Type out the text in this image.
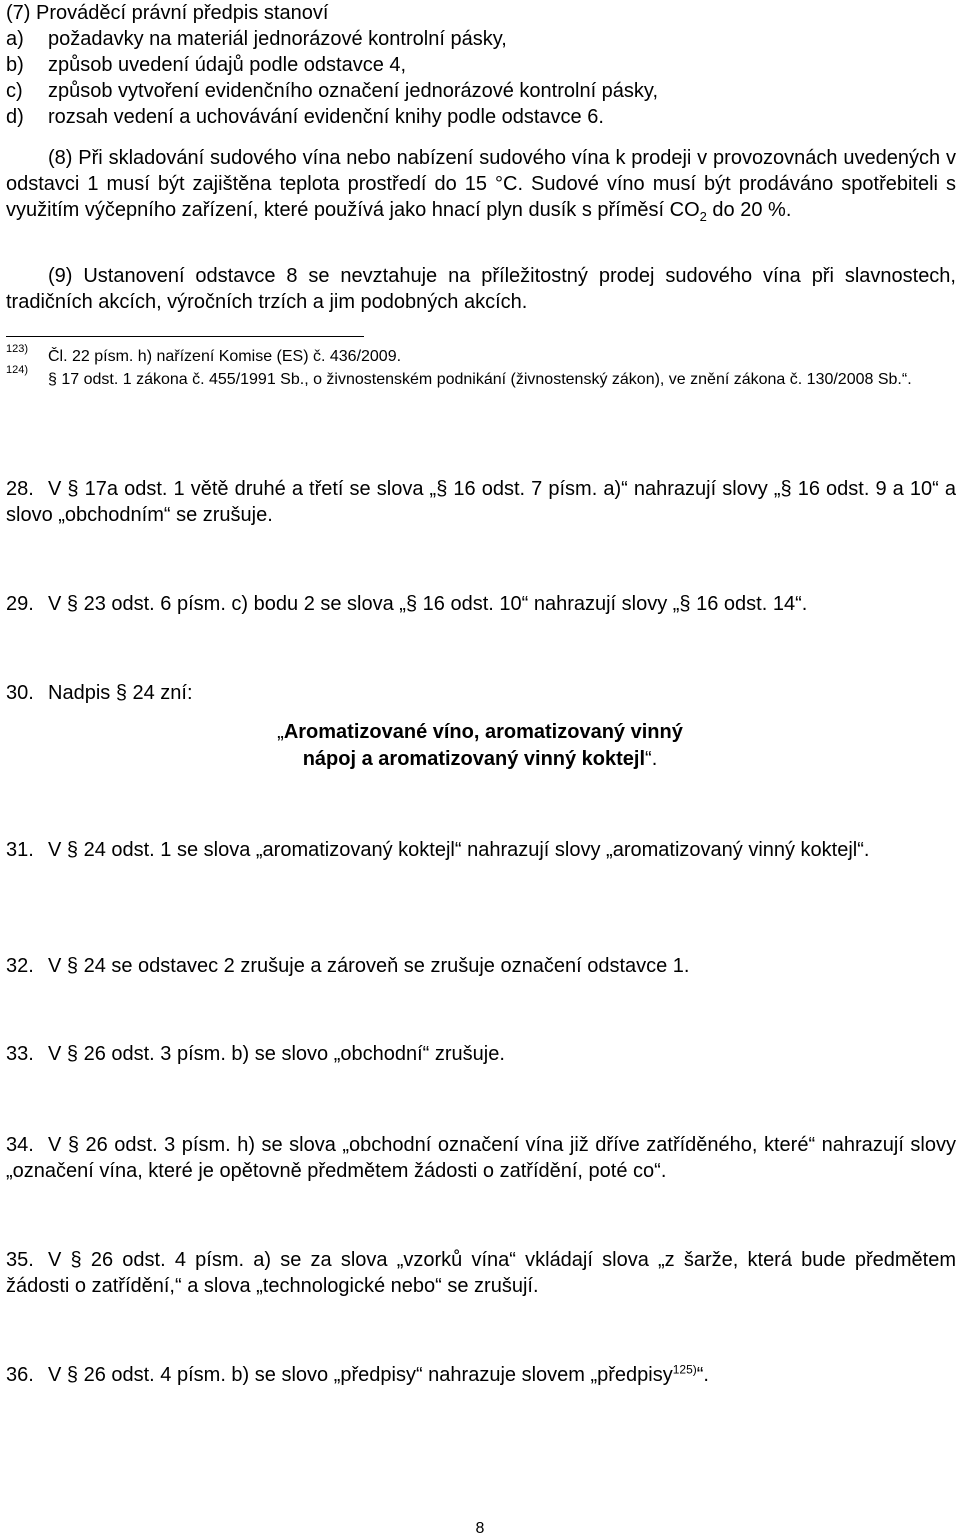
(7) Prováděcí právní předpis stanoví
a) požadavky na materiál jednorázové kontrolní pásky,
b) způsob uvedení údajů podle odstavce 4,
c) způsob vytvoření evidenčního označení jednorázové kontrolní pásky,
d) rozsah vedení a uchovávání evidenční knihy podle odstavce 6.
(8) Při skladování sudového vína nebo nabízení sudového vína k prodeji v provozovnách uvedených v odstavci 1 musí být zajištěna teplota prostředí do 15 °C. Sudové víno musí být prodáváno spotřebiteli s využitím výčepního zařízení, které používá jako hnací plyn dusík s příměsí $CO_2$ do 20 %.
(9) Ustanovení odstavce 8 se nevztahuje na příležitostný prodej sudového vína při slavnostech, tradičních akcích, výročních trzích a jim podobných akcích.
123) Čl. 22 písm. h) nařízení Komise (ES) č. 436/2009.
124)
§ 17 odst. 1 zákona č. 455/1991 Sb., o živnostenském podnikání (živnostenský zákon), ve znění zákona č. 130/2008 Sb.“.
28. V § 17a odst. 1 větě druhé a třetí se slova „§ 16 odst. 7 písm. a)“ nahrazují slovy „§ 16 odst. 9 a 10“ a slovo „obchodním“ se zrušuje.
29. V § 23 odst. 6 písm. c) bodu 2 se slova „§ 16 odst. 10“ nahrazují slovy „§ 16 odst. 14“.
30. Nadpis § 24 zní:
„Aromatizované víno, aromatizovaný vinný
nápoj a aromatizovaný vinný koktejl“.
31. V § 24 odst. 1 se slova „aromatizovaný koktejl“ nahrazují slovy „aromatizovaný vinný koktejl“.
32. V § 24 se odstavec 2 zrušuje a zároveň se zrušuje označení odstavce 1.
33. V § 26 odst. 3 písm. b) se slovo „obchodní“ zrušuje.
34. V § 26 odst. 3 písm. h) se slova „obchodní označení vína již dříve zatříděného, které“ nahrazují slovy „označení vína, které je opětovně předmětem žádosti o zatřídění, poté co“.
35. V § 26 odst. 4 písm. a) se za slova „vzorků vína“ vkládají slova „z šarže, která bude předmětem žádosti o zatřídění,“ a slova „technologické nebo“ se zrušují.
36. V § 26 odst. 4 písm. b) se slovo „předpisy“ nahrazuje slovem „předpisy$^{125)}$“.
8
